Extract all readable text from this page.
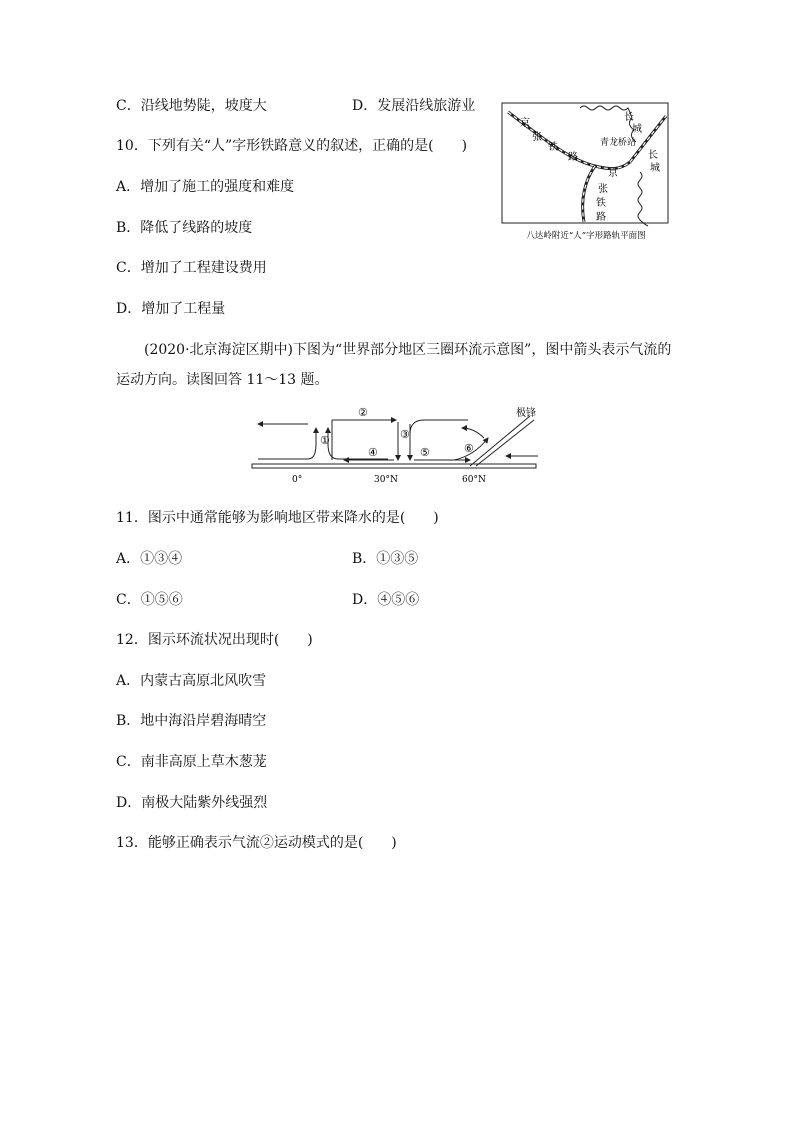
C．沿线地势陡，坡度大	D．发展沿线旅游业
10．下列有关“人”字形铁路意义的叙述，正确的是(　　)
A．增加了施工的强度和难度
B．降低了线路的坡度
C．增加了工程建设费用
D．增加了工程量
京
张
铁
路
青龙桥站
长
城
长
城
京
张
铁
路
八达岭附近“人”字形路轨平面图
(2020·北京海淀区期中)下图为“世界部分地区三圈环流示意图”，图中箭头表示气流的运动方向。读图回答 11～13 题。
①
②
③
④	⑤	⑥
极锋
0°	30°N	60°N
11．图示中通常能够为影响地区带来降水的是(　　)
A．①③④	B．①③⑤
C．①⑤⑥	D．④⑤⑥
12．图示环流状况出现时(　　)
A．内蒙古高原北风吹雪
B．地中海沿岸碧海晴空
C．南非高原上草木葱茏
D．南极大陆紫外线强烈
13．能够正确表示气流②运动模式的是(　　)
